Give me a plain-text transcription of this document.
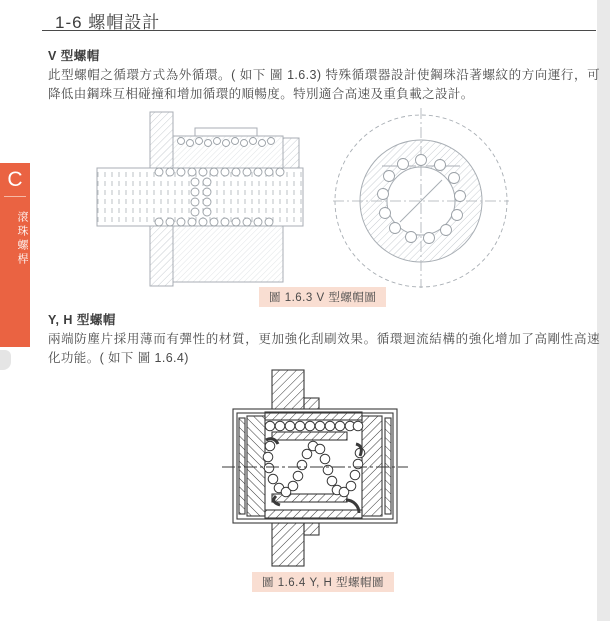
1-6 螺帽設計
C
滾珠螺桿
V 型螺帽
此型螺帽之循環方式為外循環。( 如下 圖 1.6.3) 特殊循環器設計使鋼珠沿著螺紋的方向運行，可降低由鋼珠互相碰撞和增加循環的順暢度。特別適合高速及重負載之設計。
圖 1.6.3 V 型螺帽圖
Y, H 型螺帽
兩端防塵片採用薄而有彈性的材質，更加強化刮刷效果。循環迴流結構的強化增加了高剛性高速化功能。( 如下 圖 1.6.4)
圖 1.6.4 Y, H 型螺帽圖
